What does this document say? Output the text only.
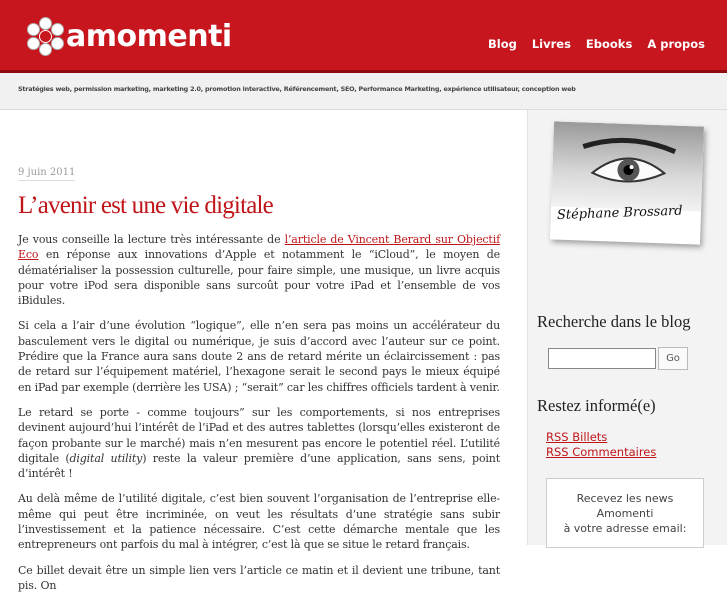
amomenti	Blog Livres Ebooks A propos
Stratégies web, permission marketing, marketing 2.0, promotion interactive, Référencement, SEO, Performance Marketing, expérience utilisateur, conception web
9 juin 2011
L’avenir est une vie digitale

Je vous conseille la lecture très intéressante de l’article de Vincent Berard sur Objectif Eco en réponse aux innovations d’Apple et notamment le “iCloud”, le moyen de dématérialiser la possession culturelle, pour faire simple, une musique, un livre acquis pour votre iPod sera disponible sans surcoût pour votre iPad et l’ensemble de vos iBidules.

Si cela a l’air d’une évolution “logique”, elle n’en sera pas moins un accélérateur du basculement vers le digital ou numérique, je suis d’accord avec l’auteur sur ce point. Prédire que la France aura sans doute 2 ans de retard mérite un éclaircissement : pas de retard sur l’équipement matériel, l’hexagone serait le second pays le mieux équipé en iPad par exemple (derrière les USA) ; “serait” car les chiffres officiels tardent à venir.

Le retard se porte - comme toujours” sur les comportements, si nos entreprises devinent aujourd’hui l’intérêt de l’iPad et des autres tablettes (lorsqu’elles existeront de façon probante sur le marché) mais n’en mesurent pas encore le potentiel réel. L’utilité digitale (digital utility) reste la valeur première d’une application, sans sens, point d’intérêt !

Au delà même de l’utilité digitale, c’est bien souvent l’organisation de l’entreprise elle-même qui peut être incriminée, on veut les résultats d’une stratégie sans subir l’investissement et la patience nécessaire. C’est cette démarche mentale que les entrepreneurs ont parfois du mal à intégrer, c’est là que se situe le retard français.

Ce billet devait être un simple lien vers l’article ce matin et il devient une tribune, tant pis. On

Stéphane Brossard
Recherche dans le blog
Go
Restez informé(e)
RSS Billets
RSS Commentaires
Recevez les news
Amomenti
à votre adresse email:
